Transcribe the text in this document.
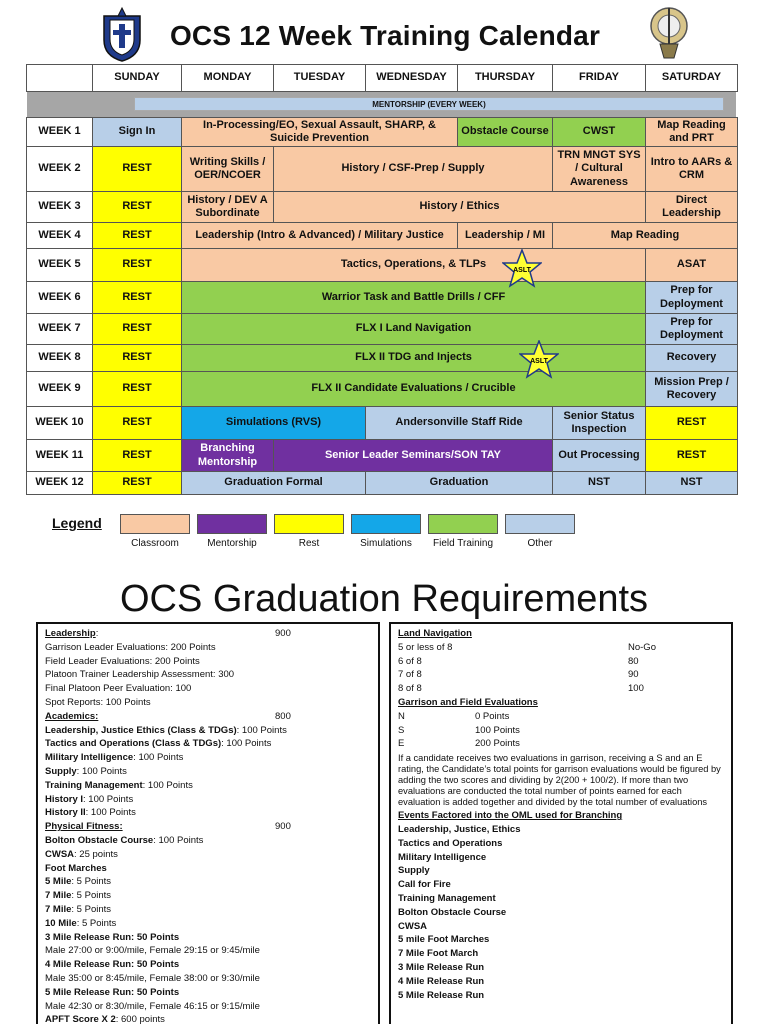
OCS 12 Week Training Calendar
	SUNDAY	MONDAY	TUESDAY	WEDNESDAY	THURSDAY	FRIDAY	SATURDAY

WEEK 1	Sign In	In-Processing/EO, Sexual Assault, SHARP, & Suicide Prevention			Obstacle Course	CWST	Map Reading and PRT
WEEK 2	REST	Writing Skills / OER/NCOER	History / CSF-Prep / Supply			TRN MNGT SYS / Cultural Awareness	Intro to AARs & CRM
WEEK 3	REST	History / DEV A Subordinate	History / Ethics				Direct Leadership
WEEK 4	REST	Leadership (Intro & Advanced) / Military Justice			Leadership / MI	Map Reading	
WEEK 5	REST	Tactics, Operations, & TLPs					ASAT
WEEK 6	REST	Warrior Task and Battle Drills / CFF					Prep for Deployment
WEEK 7	REST	FLX I Land Navigation					Prep for Deployment
WEEK 8	REST	FLX II TDG and Injects					Recovery
WEEK 9	REST	FLX II Candidate Evaluations / Crucible					Mission Prep / Recovery
WEEK 10	REST	Simulations (RVS)		Andersonville Staff Ride		Senior Status Inspection	REST
WEEK 11	REST	Branching Mentorship	Senior Leader Seminars/SON TAY			Out Processing	REST
WEEK 12	REST	Graduation Formal		Graduation		NST	NST
MENTORSHIP (EVERY WEEK)
ASLT
ASLT
Legend
Classroom	Mentorship	Rest	Simulations	Field Training	Other
OCS Graduation Requirements
Leadership:	900
Garrison Leader Evaluations: 200 Points
Field Leader Evaluations: 200 Points
Platoon Trainer Leadership Assessment: 300
Final Platoon Peer Evaluation: 100
Spot Reports: 100 Points
Academics:	800
Leadership, Justice Ethics (Class & TDGs): 100 Points
Tactics and Operations (Class & TDGs): 100 Points
Military Intelligence: 100 Points
Supply: 100 Points
Training Management: 100 Points
History I: 100 Points
History II: 100 Points
Physical Fitness:	900
Bolton Obstacle Course: 100 Points
CWSA: 25 points
Foot Marches
5 Mile: 5 Points
7 Mile: 5 Points
7 Mile: 5 Points
10 Mile: 5 Points
3 Mile Release Run: 50 Points
Male 27:00 or 9:00/mile, Female 29:15 or 9:45/mile
4 Mile Release Run: 50 Points
Male 35:00 or 8:45/mile, Female 38:00 or 9:30/mile
5 Mile Release Run: 50 Points
Male 42:30 or 8:30/mile, Female 46:15 or 9:15/mile
APFT Score X 2: 600 points
Land Navigation
5 or less of 8	No-Go
6 of 8	80
7 of 8	90
8 of 8	100
Garrison and Field Evaluations
N	0 Points
S	100 Points
E	200 Points
If a candidate receives two evaluations in garrison, receiving a S and an E rating, the Candidate’s total points for garrison evaluations would be figured by adding the two scores and dividing by 2(200 + 100/2). If more than two evaluations are conducted the total number of points earned for each evaluation is added together and divided by the total number of evaluations
Events Factored into the OML used for Branching
Leadership, Justice, Ethics
Tactics and Operations
Military Intelligence
Supply
Call for Fire
Training Management
Bolton Obstacle Course
CWSA
5 mile Foot Marches
7 Mile Foot March
3 Mile Release Run
4 Mile Release Run
5 Mile Release Run
